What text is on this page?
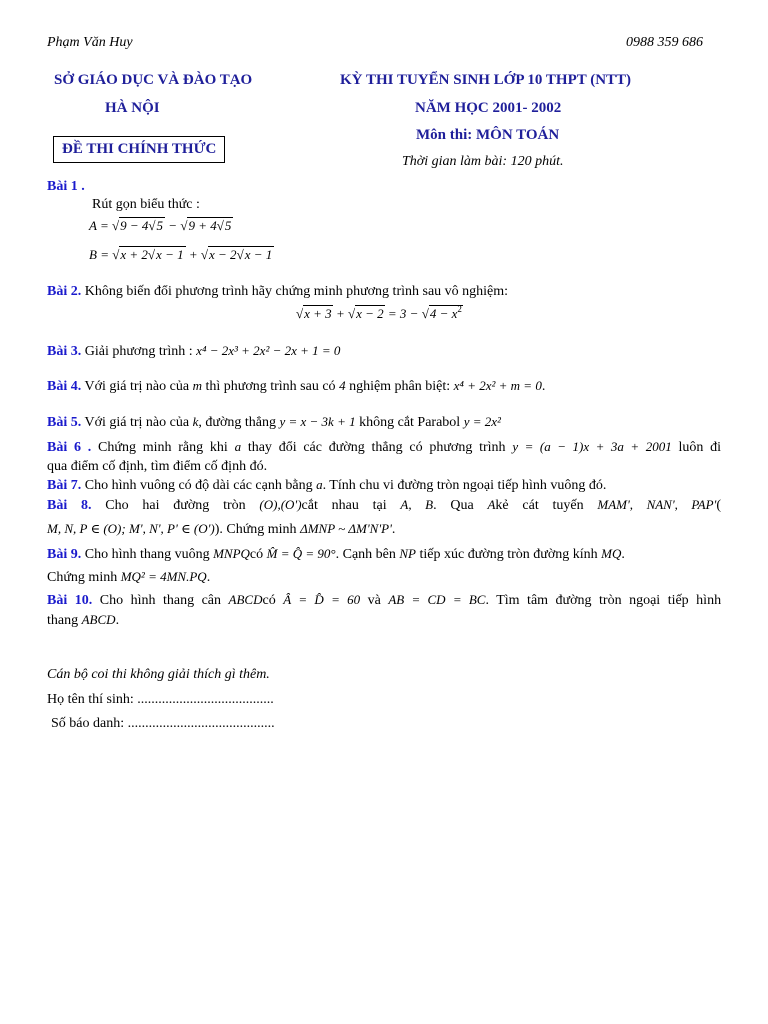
Phạm Văn Huy	0988 359 686
SỞ GIÁO DỤC VÀ ĐÀO TẠO
HÀ NỘI
ĐỀ THI CHÍNH THỨC
KỲ THI TUYỂN SINH LỚP 10 THPT (NTT)
NĂM HỌC 2001- 2002
Môn thi: MÔN TOÁN
Thời gian làm bài: 120 phút.
Bài 1 .
Rút gọn biểu thức :
A = √9 − 4√5 − √9 + 4√5
B = √x + 2√x − 1 + √x − 2√x − 1
Bài 2. Không biến đổi phương trình hãy chứng minh phương trình sau vô nghiệm:
$√x + 3 + √x - 2 = 3 - √4 - x^2$
Bài 3. Giải phương trình : x⁴ − 2x³ + 2x² − 2x + 1 = 0
Bài 4. Với giá trị nào của m thì phương trình sau có 4 nghiệm phân biệt: x⁴ + 2x² + m = 0.
Bài 5. Với giá trị nào của k, đường thẳng y = x − 3k + 1 không cắt Parabol y = 2x²
Bài 6 . Chứng minh rằng khi a thay đổi các đường thẳng có phương trình y = (a − 1)x + 3a + 2001 luôn đi
qua điểm cố định, tìm điểm cố định đó.
Bài 7. Cho hình vuông có độ dài các cạnh bằng a. Tính chu vi đường tròn ngoại tiếp hình vuông đó.
Bài 8. Cho hai đường tròn (O),(O')cắt nhau tại A, B. Qua Akẻ cát tuyến MAM', NAN', PAP'(
M, N, P ∈ (O); M', N', P' ∈ (O')). Chứng minh ΔMNP ~ ΔM'N'P'.
Bài 9. Cho hình thang vuông MNPQcó M̂ = Q̂ = 90°. Cạnh bên NP tiếp xúc đường tròn đường kính MQ.
Chứng minh MQ² = 4MN.PQ.
Bài 10. Cho hình thang cân ABCDcó Â = D̂ = 60 và AB = CD = BC. Tìm tâm đường tròn ngoại tiếp hình
thang ABCD.
Cán bộ coi thi không giải thích gì thêm.
Họ tên thí sinh: .......................................
Số báo danh: ..........................................
